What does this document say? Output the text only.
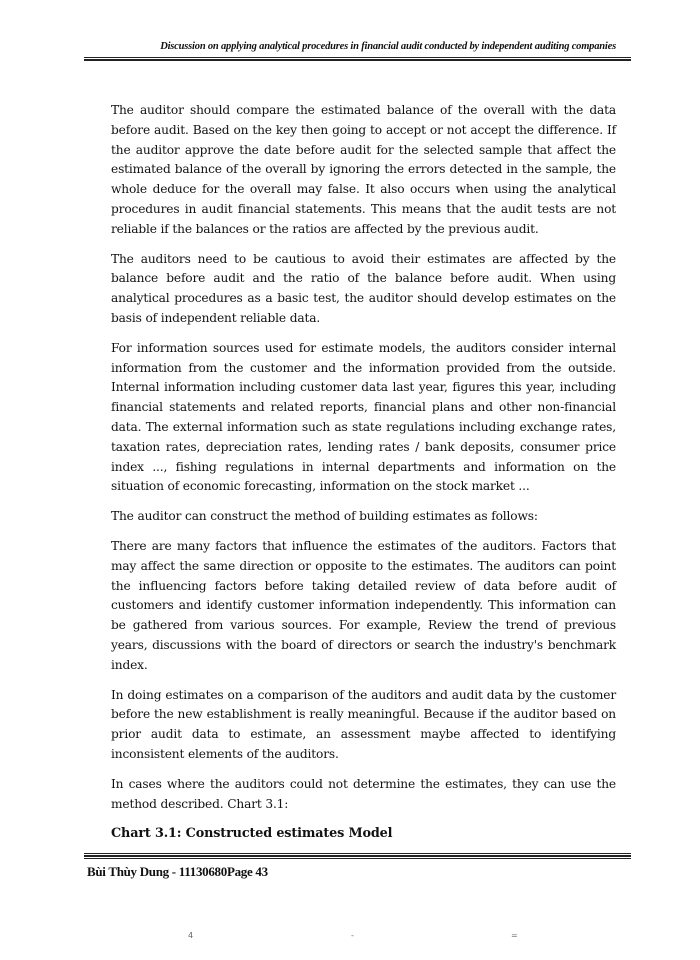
Discussion on applying analytical procedures in financial audit conducted by independent auditing companies

The auditor should compare the estimated balance of the overall with the data before audit. Based on the key then going to accept or not accept the difference. If the auditor approve the date before audit for the selected sample that affect the estimated balance of the overall by ignoring the errors detected in the sample, the whole deduce for the overall may false. It also occurs when using the analytical procedures in audit financial statements. This means that the audit tests are not reliable if the balances or the ratios are affected by the previous audit.

The auditors need to be cautious to avoid their estimates are affected by the balance before audit and the ratio of the balance before audit. When using analytical procedures as a basic test, the auditor should develop estimates on the basis of independent reliable data.

For information sources used for estimate models, the auditors consider internal information from the customer and the information provided from the outside. Internal information including customer data last year, figures this year, including financial statements and related reports, financial plans and other non-financial data. The external information such as state regulations including exchange rates, taxation rates, depreciation rates, lending rates / bank deposits, consumer price index ..., fishing regulations in internal departments and information on the situation of economic forecasting, information on the stock market ...

The auditor can construct the method of building estimates as follows:

There are many factors that influence the estimates of the auditors. Factors that may affect the same direction or opposite to the estimates. The auditors can point the influencing factors before taking detailed review of data before audit of customers and identify customer information independently. This information can be gathered from various sources. For example, Review the trend of previous years, discussions with the board of directors or search the industry's benchmark index.

In doing estimates on a comparison of the auditors and audit data by the customer before the new establishment is really meaningful. Because if the auditor based on prior audit data to estimate, an assessment maybe affected to identifying inconsistent elements of the auditors.

In cases where the auditors could not determine the estimates, they can use the method described. Chart 3.1:

Chart 3.1: Constructed estimates Model
Bùi Thùy Dung - 11130680Page 43
4	-	=
